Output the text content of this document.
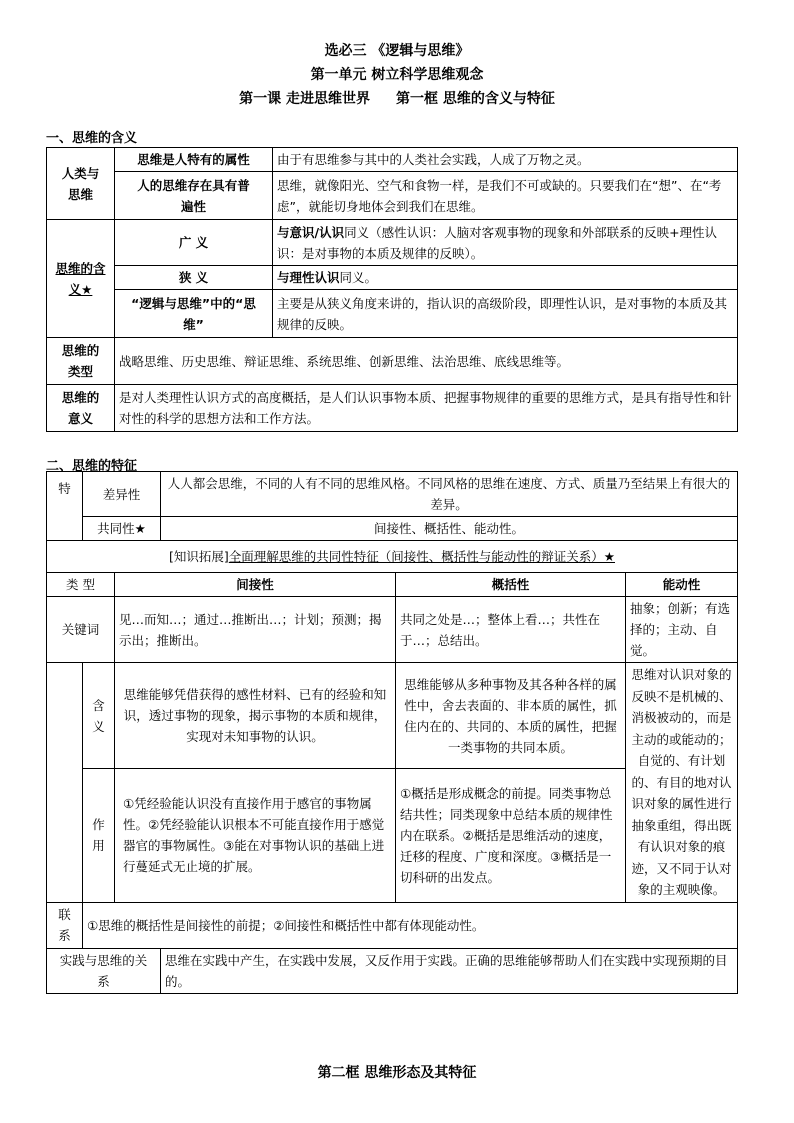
选必三 《逻辑与思维》
第一单元 树立科学思维观念
第一课 走进思维世界 第一框 思维的含义与特征
一、思维的含义
人类与思维	思维是人特有的属性	由于有思维参与其中的人类社会实践，人成了万物之灵。
	人的思维存在具有普遍性	思维，就像阳光、空气和食物一样，是我们不可或缺的。只要我们在“想”、在“考虑”，就能切身地体会到我们在思维。
思维的含义★	广 义	与意识/认识同义（感性认识：人脑对客观事物的现象和外部联系的反映+理性认识：是对事物的本质及规律的反映）。
	狭 义	与理性认识同义。
	“逻辑与思维”中的“思维”	主要是从狭义角度来讲的，指认识的高级阶段，即理性认识，是对事物的本质及其规律的反映。
思维的类型	战略思维、历史思维、辩证思维、系统思维、创新思维、法治思维、底线思维等。	
思维的意义	是对人类理性认识方式的高度概括，是人们认识事物本质、把握事物规律的重要的思维方式，是具有指导性和针对性的科学的思想方法和工作方法。	
二、思维的特征
特	差异性		人人都会思维，不同的人有不同的思维风格。不同风格的思维在速度、方式、质量乃至结果上有很大的差异。		
	共同性★		间接性、概括性、能动性。		
[知识拓展]全面理解思维的共同性特征（间接性、概括性与能动性的辩证关系）★					
类 型		间接性		概括性	能动性
关键词		见…而知…；通过…推断出…；计划；预测；揭示出；推断出。		共同之处是…；整体上看…；共性在于…；总结出。	抽象；创新；有选择的；主动、自觉。
	含义	思维能够凭借获得的感性材料、已有的经验和知识，透过事物的现象，揭示事物的本质和规律，实现对未知事物的认识。		思维能够从多种事物及其各种各样的属性中，舍去表面的、非本质的属性，抓住内在的、共同的、本质的属性，把握一类事物的共同本质。	思维对认识对象的反映不是机械的、消极被动的，而是主动的或能动的；自觉的、有计划的、有目的地对认识对象的属性进行抽象重组，得出既有认识对象的痕迹，又不同于认对象的主观映像。
	作用	①凭经验能认识没有直接作用于感官的事物属性。②凭经验能认识根本不可能直接作用于感觉器官的事物属性。③能在对事物认识的基础上进行蔓延式无止境的扩展。		①概括是形成概念的前提。同类事物总结共性；同类现象中总结本质的规律性内在联系。②概括是思维活动的速度，迁移的程度、广度和深度。③概括是一切科研的出发点。	
联系	①思维的概括性是间接性的前提；②间接性和概括性中都有体现能动性。				
实践与思维的关系			思维在实践中产生，在实践中发展，又反作用于实践。正确的思维能够帮助人们在实践中实现预期的目的。		
第二框 思维形态及其特征
